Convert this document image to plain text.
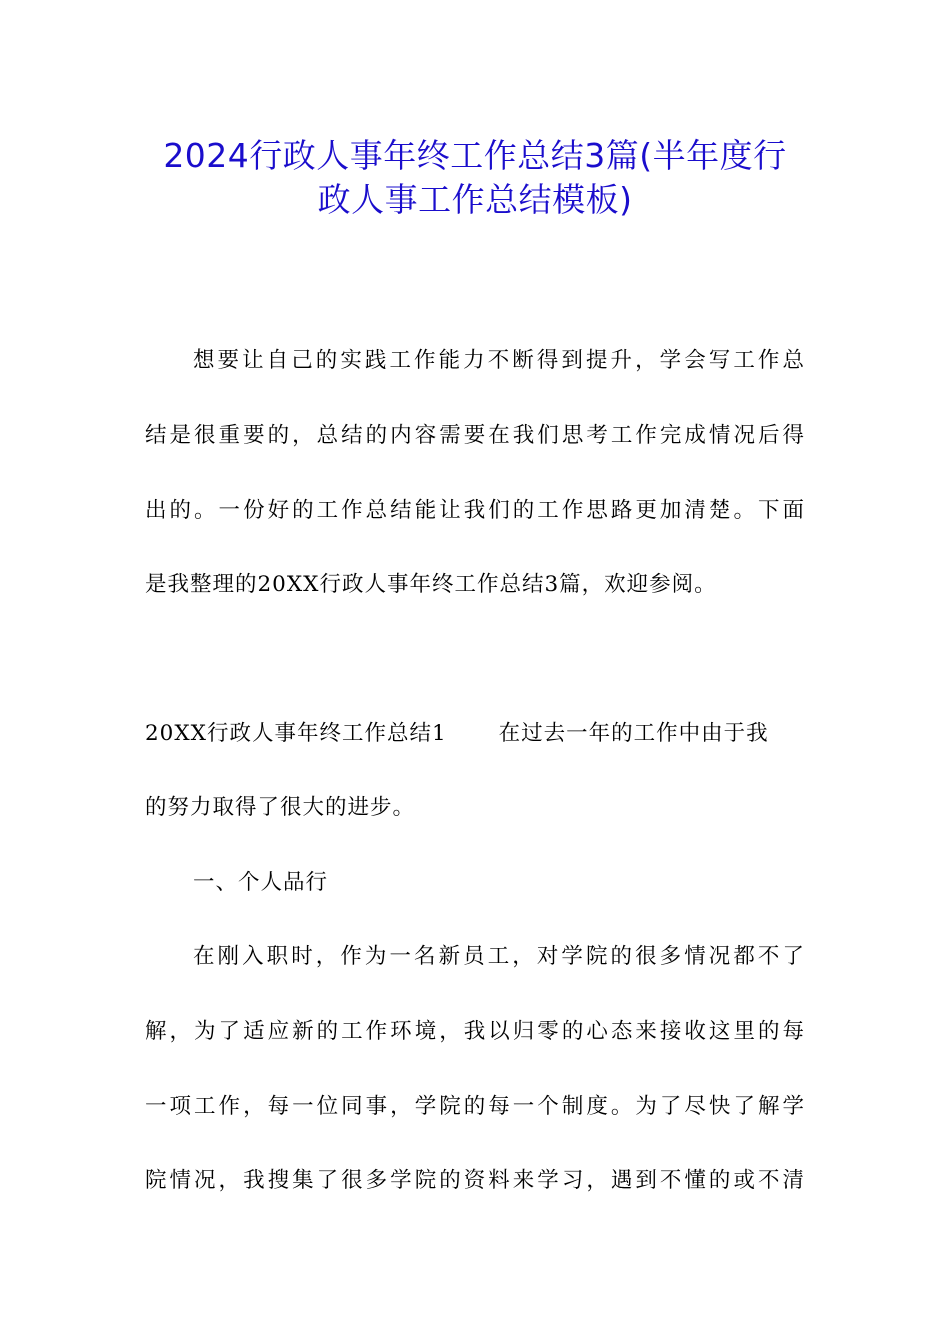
2024行政人事年终工作总结3篇(半年度行
政人事工作总结模板)
想要让自己的实践工作能力不断得到提升，学会写工作总
结是很重要的，总结的内容需要在我们思考工作完成情况后得
出的。一份好的工作总结能让我们的工作思路更加清楚。下面
是我整理的20XX行政人事年终工作总结3篇，欢迎参阅。
20XX行政人事年终工作总结1 在过去一年的工作中由于我
的努力取得了很大的进步。
一、个人品行
在刚入职时，作为一名新员工，对学院的很多情况都不了
解，为了适应新的工作环境，我以归零的心态来接收这里的每
一项工作，每一位同事，学院的每一个制度。为了尽快了解学
院情况，我搜集了很多学院的资料来学习，遇到不懂的或不清
